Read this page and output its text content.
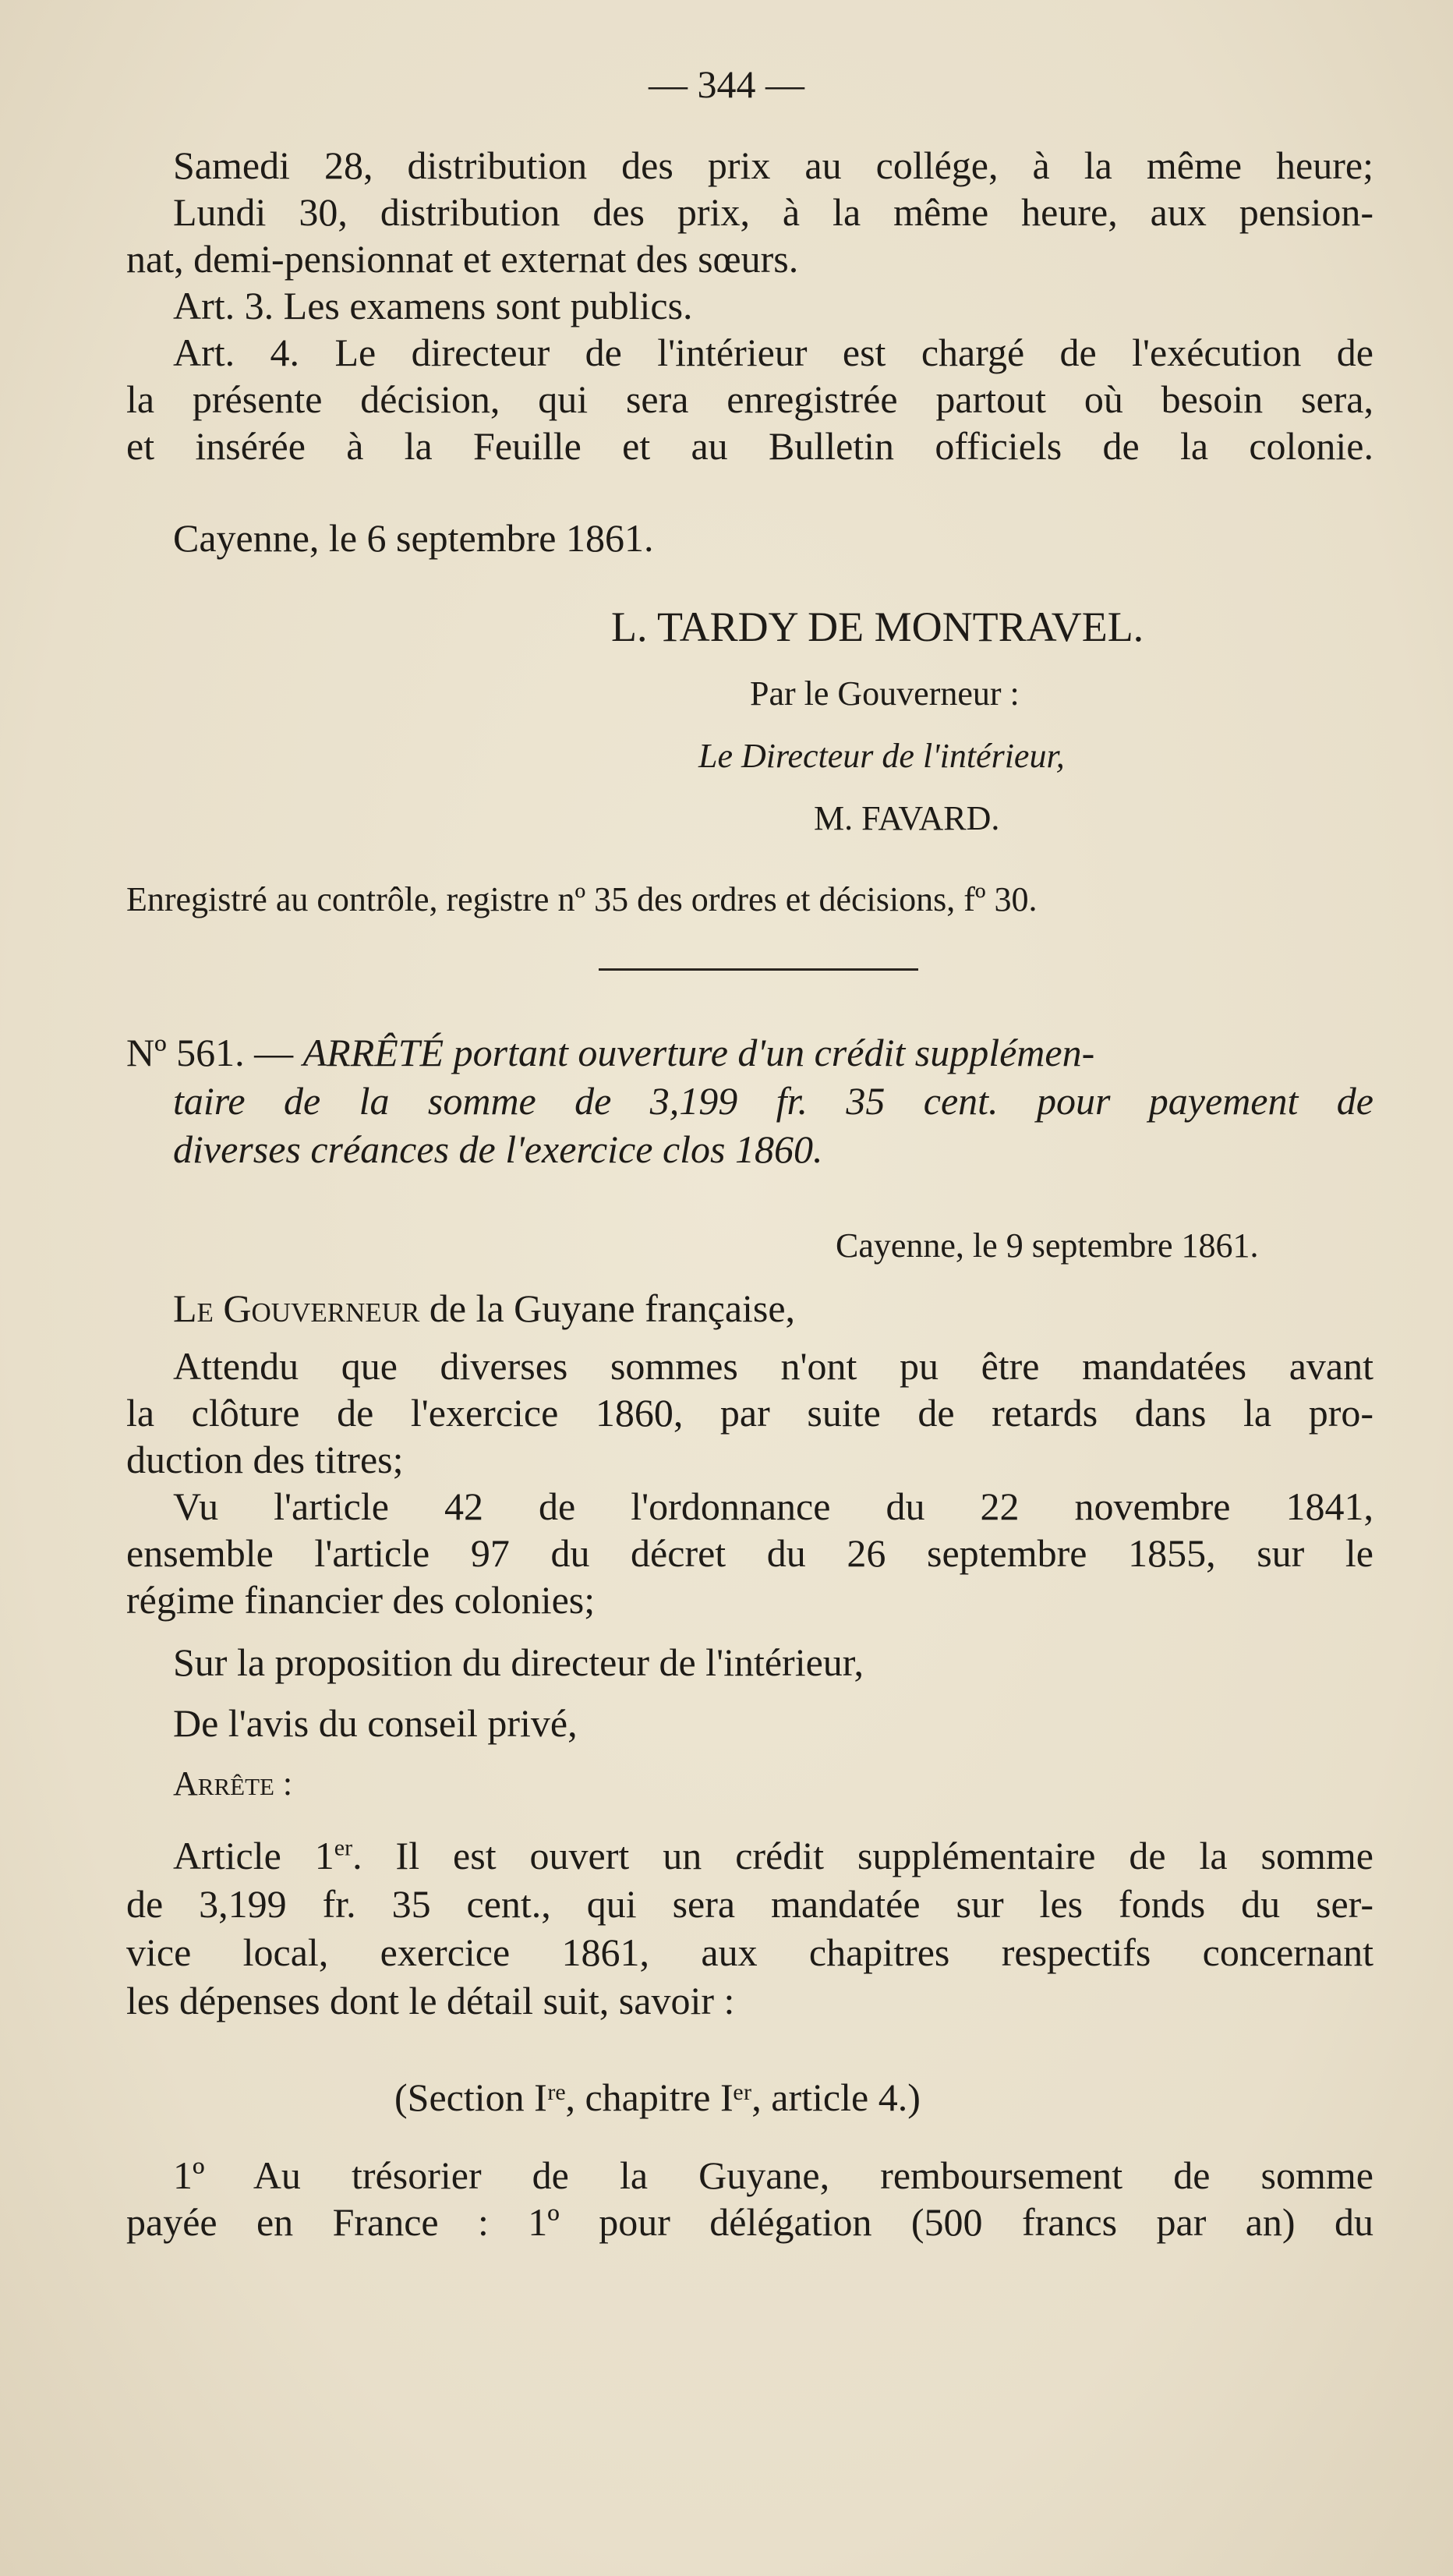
— 344 —
Samedi 28, distribution des prix au collége, à la même heure;
Lundi 30, distribution des prix, à la même heure, aux pension-
nat, demi-pensionnat et externat des sœurs.
Art. 3. Les examens sont publics.
Art. 4. Le directeur de l'intérieur est chargé de l'exécution de
la présente décision, qui sera enregistrée partout où besoin sera,
et insérée à la Feuille et au Bulletin officiels de la colonie.
Cayenne, le 6 septembre 1861.
L. TARDY DE MONTRAVEL.
Par le Gouverneur :
Le Directeur de l'intérieur,
M. FAVARD.
Enregistré au contrôle, registre nº 35 des ordres et décisions, fº 30.
Nº 561. — ARRÊTÉ portant ouverture d'un crédit supplémen-
taire de la somme de 3,199 fr. 35 cent. pour payement de
diverses créances de l'exercice clos 1860.
Cayenne, le 9 septembre 1861.
Le Gouverneur de la Guyane française,
Attendu que diverses sommes n'ont pu être mandatées avant
la clôture de l'exercice 1860, par suite de retards dans la pro-
duction des titres;
Vu l'article 42 de l'ordonnance du 22 novembre 1841,
ensemble l'article 97 du décret du 26 septembre 1855, sur le
régime financier des colonies;
Sur la proposition du directeur de l'intérieur,
De l'avis du conseil privé,
Arrête :
Article 1er. Il est ouvert un crédit supplémentaire de la somme
de 3,199 fr. 35 cent., qui sera mandatée sur les fonds du ser-
vice local, exercice 1861, aux chapitres respectifs concernant
les dépenses dont le détail suit, savoir :
(Section Iʳᵉ, chapitre Iᵉʳ, article 4.)
1º Au trésorier de la Guyane, remboursement de somme
payée en France : 1º pour délégation (500 francs par an) du
